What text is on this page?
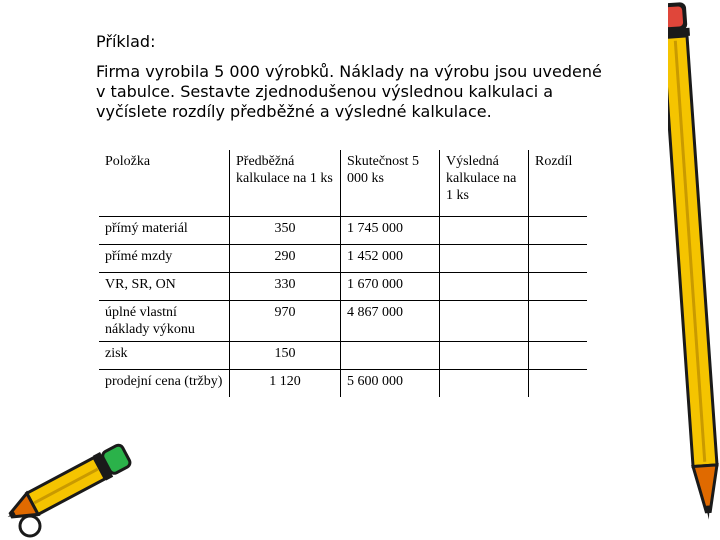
Příklad:
Firma vyrobila 5 000 výrobků. Náklady na výrobu jsou uvedené v tabulce. Sestavte zjednodušenou výslednou kalkulaci a vyčíslete rozdíly předběžné a výsledné kalkulace.
Položka	Předběžná kalkulace na 1 ks	Skutečnost 5 000 ks	Výsledná kalkulace na 1 ks	Rozdíl
přímý materiál	350	1 745 000		
přímé mzdy	290	1 452 000		
VR, SR, ON	330	1 670 000		
úplné vlastní náklady výkonu	970	4 867 000		
zisk	150			
prodejní cena (tržby)	1 120	5 600 000		
